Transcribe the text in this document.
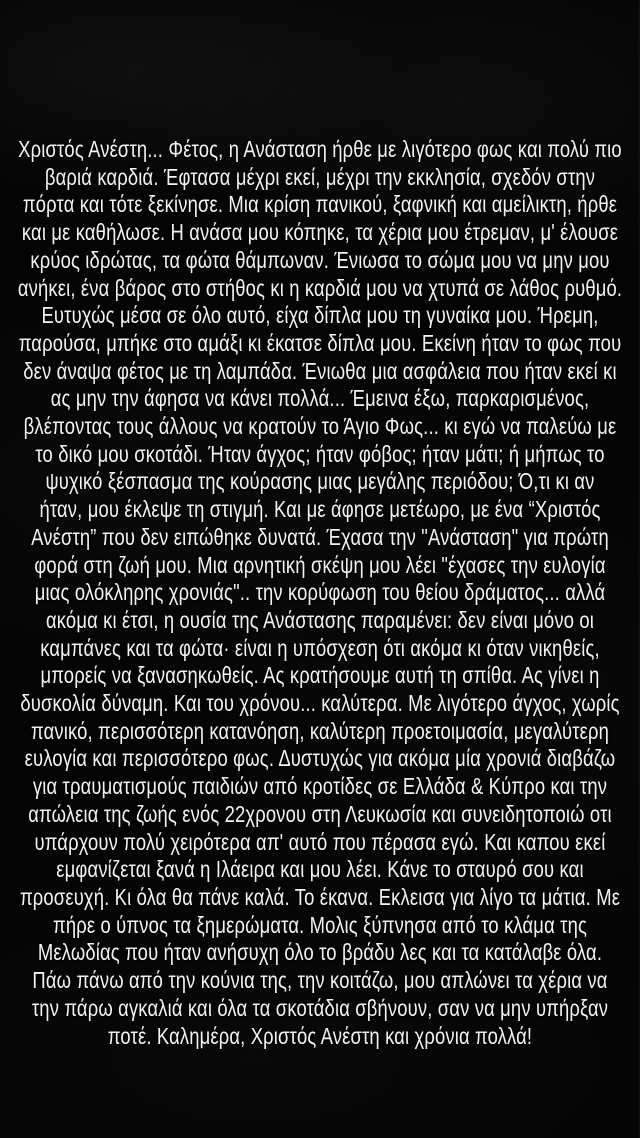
Χριστός Ανέστη... Φέτος, η Ανάσταση ήρθε με λιγότερο φως και πολύ πιο
βαριά καρδιά. Έφτασα μέχρι εκεί, μέχρι την εκκλησία, σχεδόν στην
πόρτα και τότε ξεκίνησε. Μια κρίση πανικού, ξαφνική και αμείλικτη, ήρθε
και με καθήλωσε. Η ανάσα μου κόπηκε, τα χέρια μου έτρεμαν, μ' έλουσε
κρύος ιδρώτας, τα φώτα θάμπωναν. Ένιωσα το σώμα μου να μην μου
ανήκει, ένα βάρος στο στήθος κι η καρδιά μου να χτυπά σε λάθος ρυθμό.
Ευτυχώς μέσα σε όλο αυτό, είχα δίπλα μου τη γυναίκα μου. Ήρεμη,
παρούσα, μπήκε στο αμάξι κι έκατσε δίπλα μου. Εκείνη ήταν το φως που
δεν άναψα φέτος με τη λαμπάδα. Ένιωθα μια ασφάλεια που ήταν εκεί κι
ας μην την άφησα να κάνει πολλά... Έμεινα έξω, παρκαρισμένος,
βλέποντας τους άλλους να κρατούν το Άγιο Φως... κι εγώ να παλεύω με
το δικό μου σκοτάδι. Ήταν άγχος; ήταν φόβος; ήταν μάτι; ή μήπως το
ψυχικό ξέσπασμα της κούρασης μιας μεγάλης περιόδου; Ό,τι κι αν
ήταν, μου έκλεψε τη στιγμή. Και με άφησε μετέωρο, με ένα “Χριστός
Ανέστη” που δεν ειπώθηκε δυνατά. Έχασα την "Ανάσταση" για πρώτη
φορά στη ζωή μου. Μια αρνητική σκέψη μου λέει "έχασες την ευλογία
μιας ολόκληρης χρονιάς".. την κορύφωση του θείου δράματος... αλλά
ακόμα κι έτσι, η ουσία της Ανάστασης παραμένει: δεν είναι μόνο οι
καμπάνες και τα φώτα· είναι η υπόσχεση ότι ακόμα κι όταν νικηθείς,
μπορείς να ξανασηκωθείς. Ας κρατήσουμε αυτή τη σπίθα. Ας γίνει η
δυσκολία δύναμη. Και του χρόνου... καλύτερα. Με λιγότερο άγχος, χωρίς
πανικό, περισσότερη κατανόηση, καλύτερη προετοιμασία, μεγαλύτερη
ευλογία και περισσότερο φως. Δυστυχώς για ακόμα μία χρονιά διαβάζω
για τραυματισμούς παιδιών από κροτίδες σε Ελλάδα & Κύπρο και την
απώλεια της ζωής ενός 22χρονου στη Λευκωσία και συνειδητοποιώ οτι
υπάρχουν πολύ χειρότερα απ' αυτό που πέρασα εγώ. Και καπου εκεί
εμφανίζεται ξανά η Ιλάειρα και μου λέει. Κάνε το σταυρό σου και
προσευχή. Κι όλα θα πάνε καλά. Το έκανα. Εκλεισα για λίγο τα μάτια. Με
πήρε ο ύπνος τα ξημερώματα. Μολις ξύπνησα από το κλάμα της
Μελωδίας που ήταν ανήσυχη όλο το βράδυ λες και τα κατάλαβε όλα.
Πάω πάνω από την κούνια της, την κοιτάζω, μου απλώνει τα χέρια να
την πάρω αγκαλιά και όλα τα σκοτάδια σβήνουν, σαν να μην υπήρξαν
ποτέ. Καλημέρα, Χριστός Ανέστη και χρόνια πολλά!
